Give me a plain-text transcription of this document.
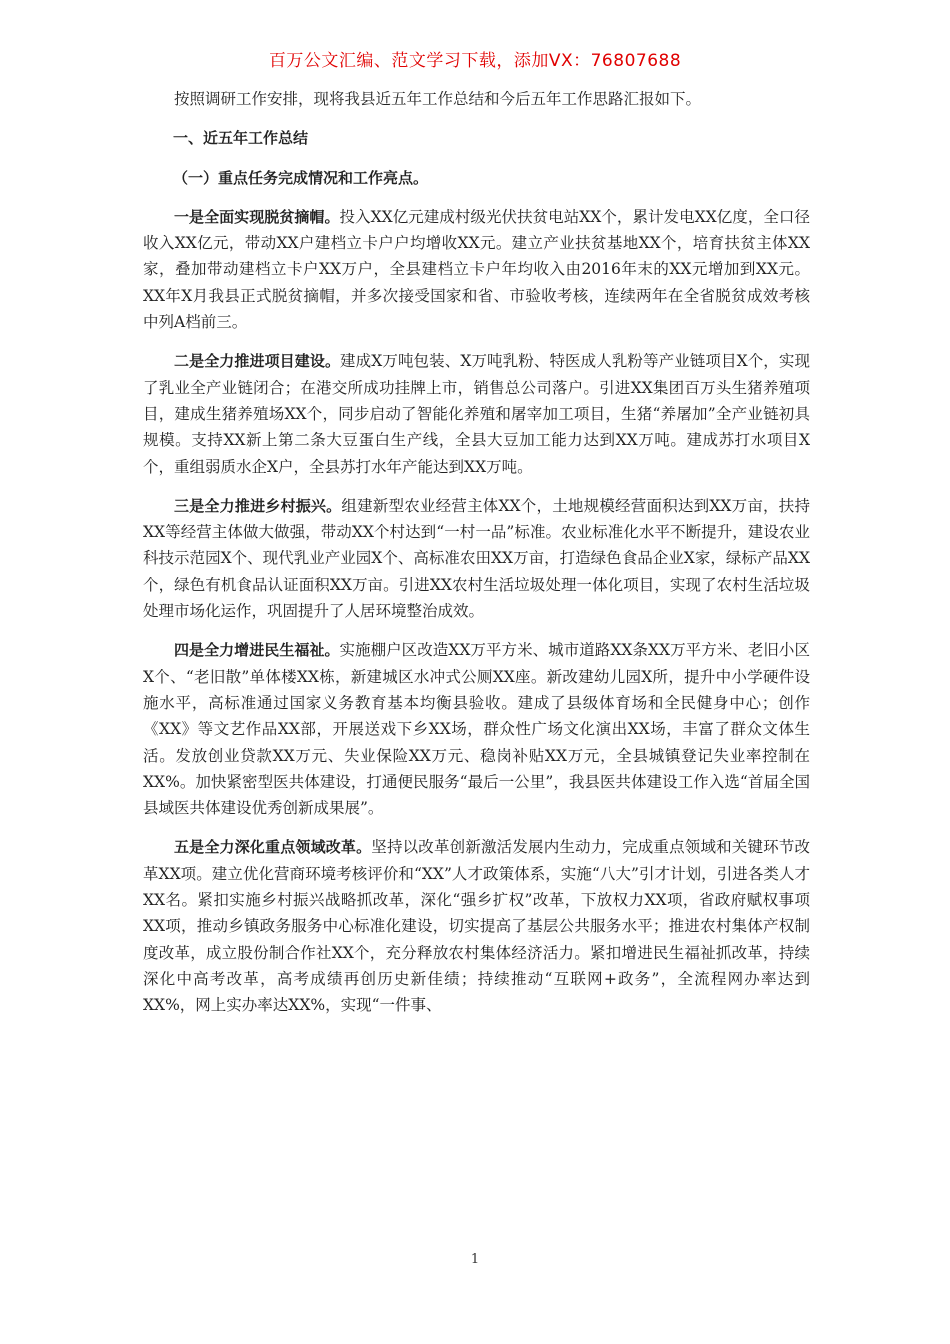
百万公文汇编、范文学习下载，添加VX：76807688

按照调研工作安排，现将我县近五年工作总结和今后五年工作思路汇报如下。

一、近五年工作总结

（一）重点任务完成情况和工作亮点。

一是全面实现脱贫摘帽。投入XX亿元建成村级光伏扶贫电站XX个，累计发电XX亿度，全口径收入XX亿元，带动XX户建档立卡户户均增收XX元。建立产业扶贫基地XX个，培育扶贫主体XX家，叠加带动建档立卡户XX万户，全县建档立卡户年均收入由2016年末的XX元增加到XX元。XX年X月我县正式脱贫摘帽，并多次接受国家和省、市验收考核，连续两年在全省脱贫成效考核中列A档前三。

二是全力推进项目建设。建成X万吨包装、X万吨乳粉、特医成人乳粉等产业链项目X个，实现了乳业全产业链闭合；在港交所成功挂牌上市，销售总公司落户。引进XX集团百万头生猪养殖项目，建成生猪养殖场XX个，同步启动了智能化养殖和屠宰加工项目，生猪“养屠加”全产业链初具规模。支持XX新上第二条大豆蛋白生产线，全县大豆加工能力达到XX万吨。建成苏打水项目X个，重组弱质水企X户，全县苏打水年产能达到XX万吨。

三是全力推进乡村振兴。组建新型农业经营主体XX个，土地规模经营面积达到XX万亩，扶持XX等经营主体做大做强，带动XX个村达到“一村一品”标准。农业标准化水平不断提升，建设农业科技示范园X个、现代乳业产业园X个、高标准农田XX万亩，打造绿色食品企业X家，绿标产品XX个，绿色有机食品认证面积XX万亩。引进XX农村生活垃圾处理一体化项目，实现了农村生活垃圾处理市场化运作，巩固提升了人居环境整治成效。

四是全力增进民生福祉。实施棚户区改造XX万平方米、城市道路XX条XX万平方米、老旧小区X个、“老旧散”单体楼XX栋，新建城区水冲式公厕XX座。新改建幼儿园X所，提升中小学硬件设施水平，高标准通过国家义务教育基本均衡县验收。建成了县级体育场和全民健身中心；创作《XX》等文艺作品XX部，开展送戏下乡XX场，群众性广场文化演出XX场，丰富了群众文体生活。发放创业贷款XX万元、失业保险XX万元、稳岗补贴XX万元，全县城镇登记失业率控制在XX%。加快紧密型医共体建设，打通便民服务“最后一公里”，我县医共体建设工作入选“首届全国县域医共体建设优秀创新成果展”。

五是全力深化重点领域改革。坚持以改革创新激活发展内生动力，完成重点领域和关键环节改革XX项。建立优化营商环境考核评价和“XX”人才政策体系，实施“八大”引才计划，引进各类人才XX名。紧扣实施乡村振兴战略抓改革，深化“强乡扩权”改革，下放权力XX项，省政府赋权事项XX项，推动乡镇政务服务中心标准化建设，切实提高了基层公共服务水平；推进农村集体产权制度改革，成立股份制合作社XX个，充分释放农村集体经济活力。紧扣增进民生福祉抓改革，持续深化中高考改革，高考成绩再创历史新佳绩；持续推动“互联网+政务”，全流程网办率达到XX%，网上实办率达XX%，实现“一件事、

1
